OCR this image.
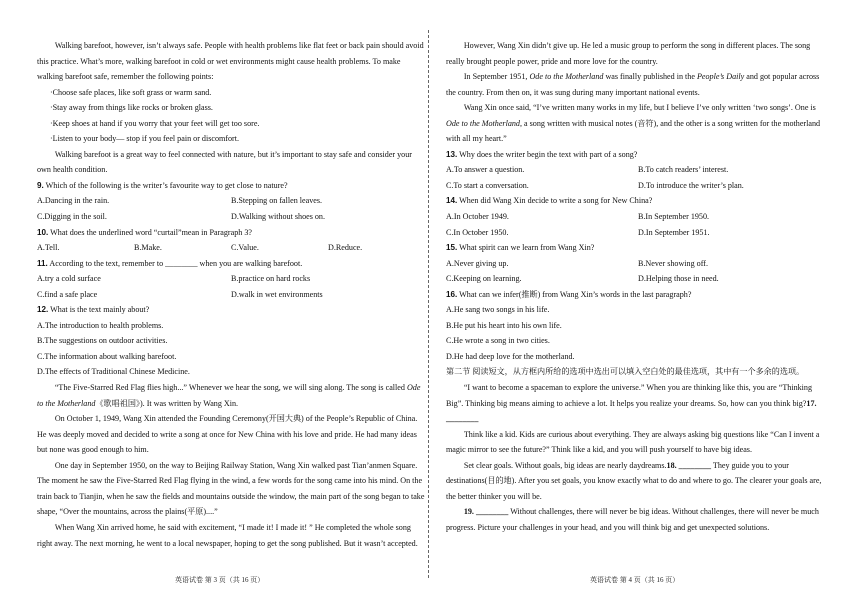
Walking barefoot, however, isn’t always safe. People with health problems like flat feet or back pain should avoid this practice. What’s more, walking barefoot in cold or wet environments might cause health problems. To make walking barefoot safe, remember the following points:

·Choose safe places, like soft grass or warm sand.

·Stay away from things like rocks or broken glass.

·Keep shoes at hand if you worry that your feet will get too sore.

·Listen to your body— stop if you feel pain or discomfort.

Walking barefoot is a great way to feel connected with nature, but it’s important to stay safe and consider your own health condition.

9. Which of the following is the writer’s favourite way to get close to nature?

A.Dancing in the rain.	B.Stepping on fallen leaves.
C.Digging in the soil.	D.Walking without shoes on.

10. What does the underlined word “curtail”mean in Paragraph 3?

A.Tell.	B.Make.	C.Value.	D.Reduce.

11. According to the text, remember to ________ when you are walking barefoot.

A.try a cold surface	B.practice on hard rocks
C.find a safe place	D.walk in wet environments

12. What is the text mainly about?

A.The introduction to health problems.

B.The suggestions on outdoor activities.

C.The information about walking barefoot.

D.The effects of Traditional Chinese Medicine.

“The Five-Starred Red Flag flies high...” Whenever we hear the song, we will sing along. The song is called Ode to the Motherland《歌唱祖国》). It was written by Wang Xin.

On October 1, 1949, Wang Xin attended the Founding Ceremony(开国大典) of the People’s Republic of China. He was deeply moved and decided to write a song at once for New China with his love and pride. He had many ideas but none was good enough to him.

One day in September 1950, on the way to Beijing Railway Station, Wang Xin walked past Tian’anmen Square. The moment he saw the Five-Starred Red Flag flying in the wind, a few words for the song came into his mind. On the train back to Tianjin, when he saw the fields and mountains outside the window, the main part of the song began to take shape, “Over the mountains, across the plains(平原)....”

When Wang Xin arrived home, he said with excitement, “I made it! I made it! ” He completed the whole song right away. The next morning, he went to a local newspaper, hoping to get the song published. But it wasn’t accepted.

However, Wang Xin didn’t give up. He led a music group to perform the song in different places. The song really brought people power, pride and more love for the country.

In September 1951, Ode to the Motherland was finally published in the People’s Daily and got popular across the country. From then on, it was sung during many important national events.

Wang Xin once said, “I’ve written many works in my life, but I believe I’ve only written ‘two songs’. One is Ode to the Motherland, a song written with musical notes (音符), and the other is a song written for the motherland with all my heart.”

13. Why does the writer begin the text with part of a song?

A.To answer a question.	B.To catch readers’ interest.
C.To start a conversation.	D.To introduce the writer’s plan.

14. When did Wang Xin decide to write a song for New China?

A.In October 1949.	B.In September 1950.
C.In October 1950.	D.In September 1951.

15. What spirit can we learn from Wang Xin?

A.Never giving up.	B.Never showing off.
C.Keeping on learning.	D.Helping those in need.

16. What can we infer(推断) from Wang Xin’s words in the last paragraph?

A.He sang two songs in his life.

B.He put his heart into his own life.

C.He wrote a song in two cities.

D.He had deep love for the motherland.

第二节 阅读短文，从方框内所给的选项中选出可以填入空白处的最佳选项，其中有一个多余的选项。

“I want to become a spaceman to explore the universe.” When you are thinking like this, you are “Thinking Big”. Thinking big means aiming to achieve a lot. It helps you realize your dreams. So, how can you think big?17. ________

Think like a kid. Kids are curious about everything. They are always asking big questions like “Can I invent a magic mirror to see the future?” Think like a kid, and you will push yourself to have big ideas.

Set clear goals. Without goals, big ideas are nearly daydreams.18. ________ They guide you to your destinations(目的地). After you set goals, you know exactly what to do and where to go. The clearer your goals are, the better thinker you will be.

19. ________ Without challenges, there will never be big ideas. Without challenges, there will never be much progress. Picture your challenges in your head, and you will think big and get unexpected solutions.

英语试卷 第 3 页（共 16 页）	英语试卷 第 4 页（共 16 页）
